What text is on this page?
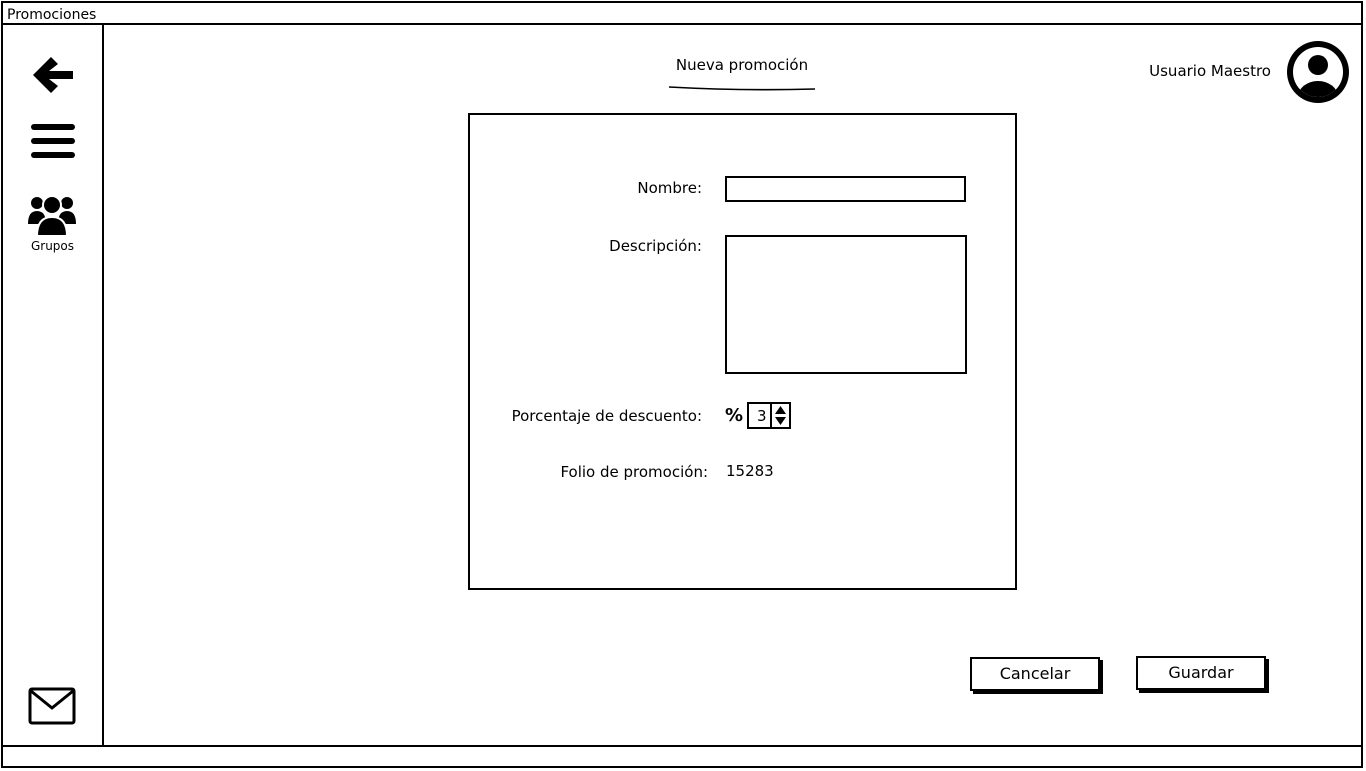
Promociones
Grupos
Nueva promoción	Usuario Maestro
Nombre:
Descripción:
Porcentaje de descuento: % 3
Folio de promoción: 15283
Cancelar	Guardar
